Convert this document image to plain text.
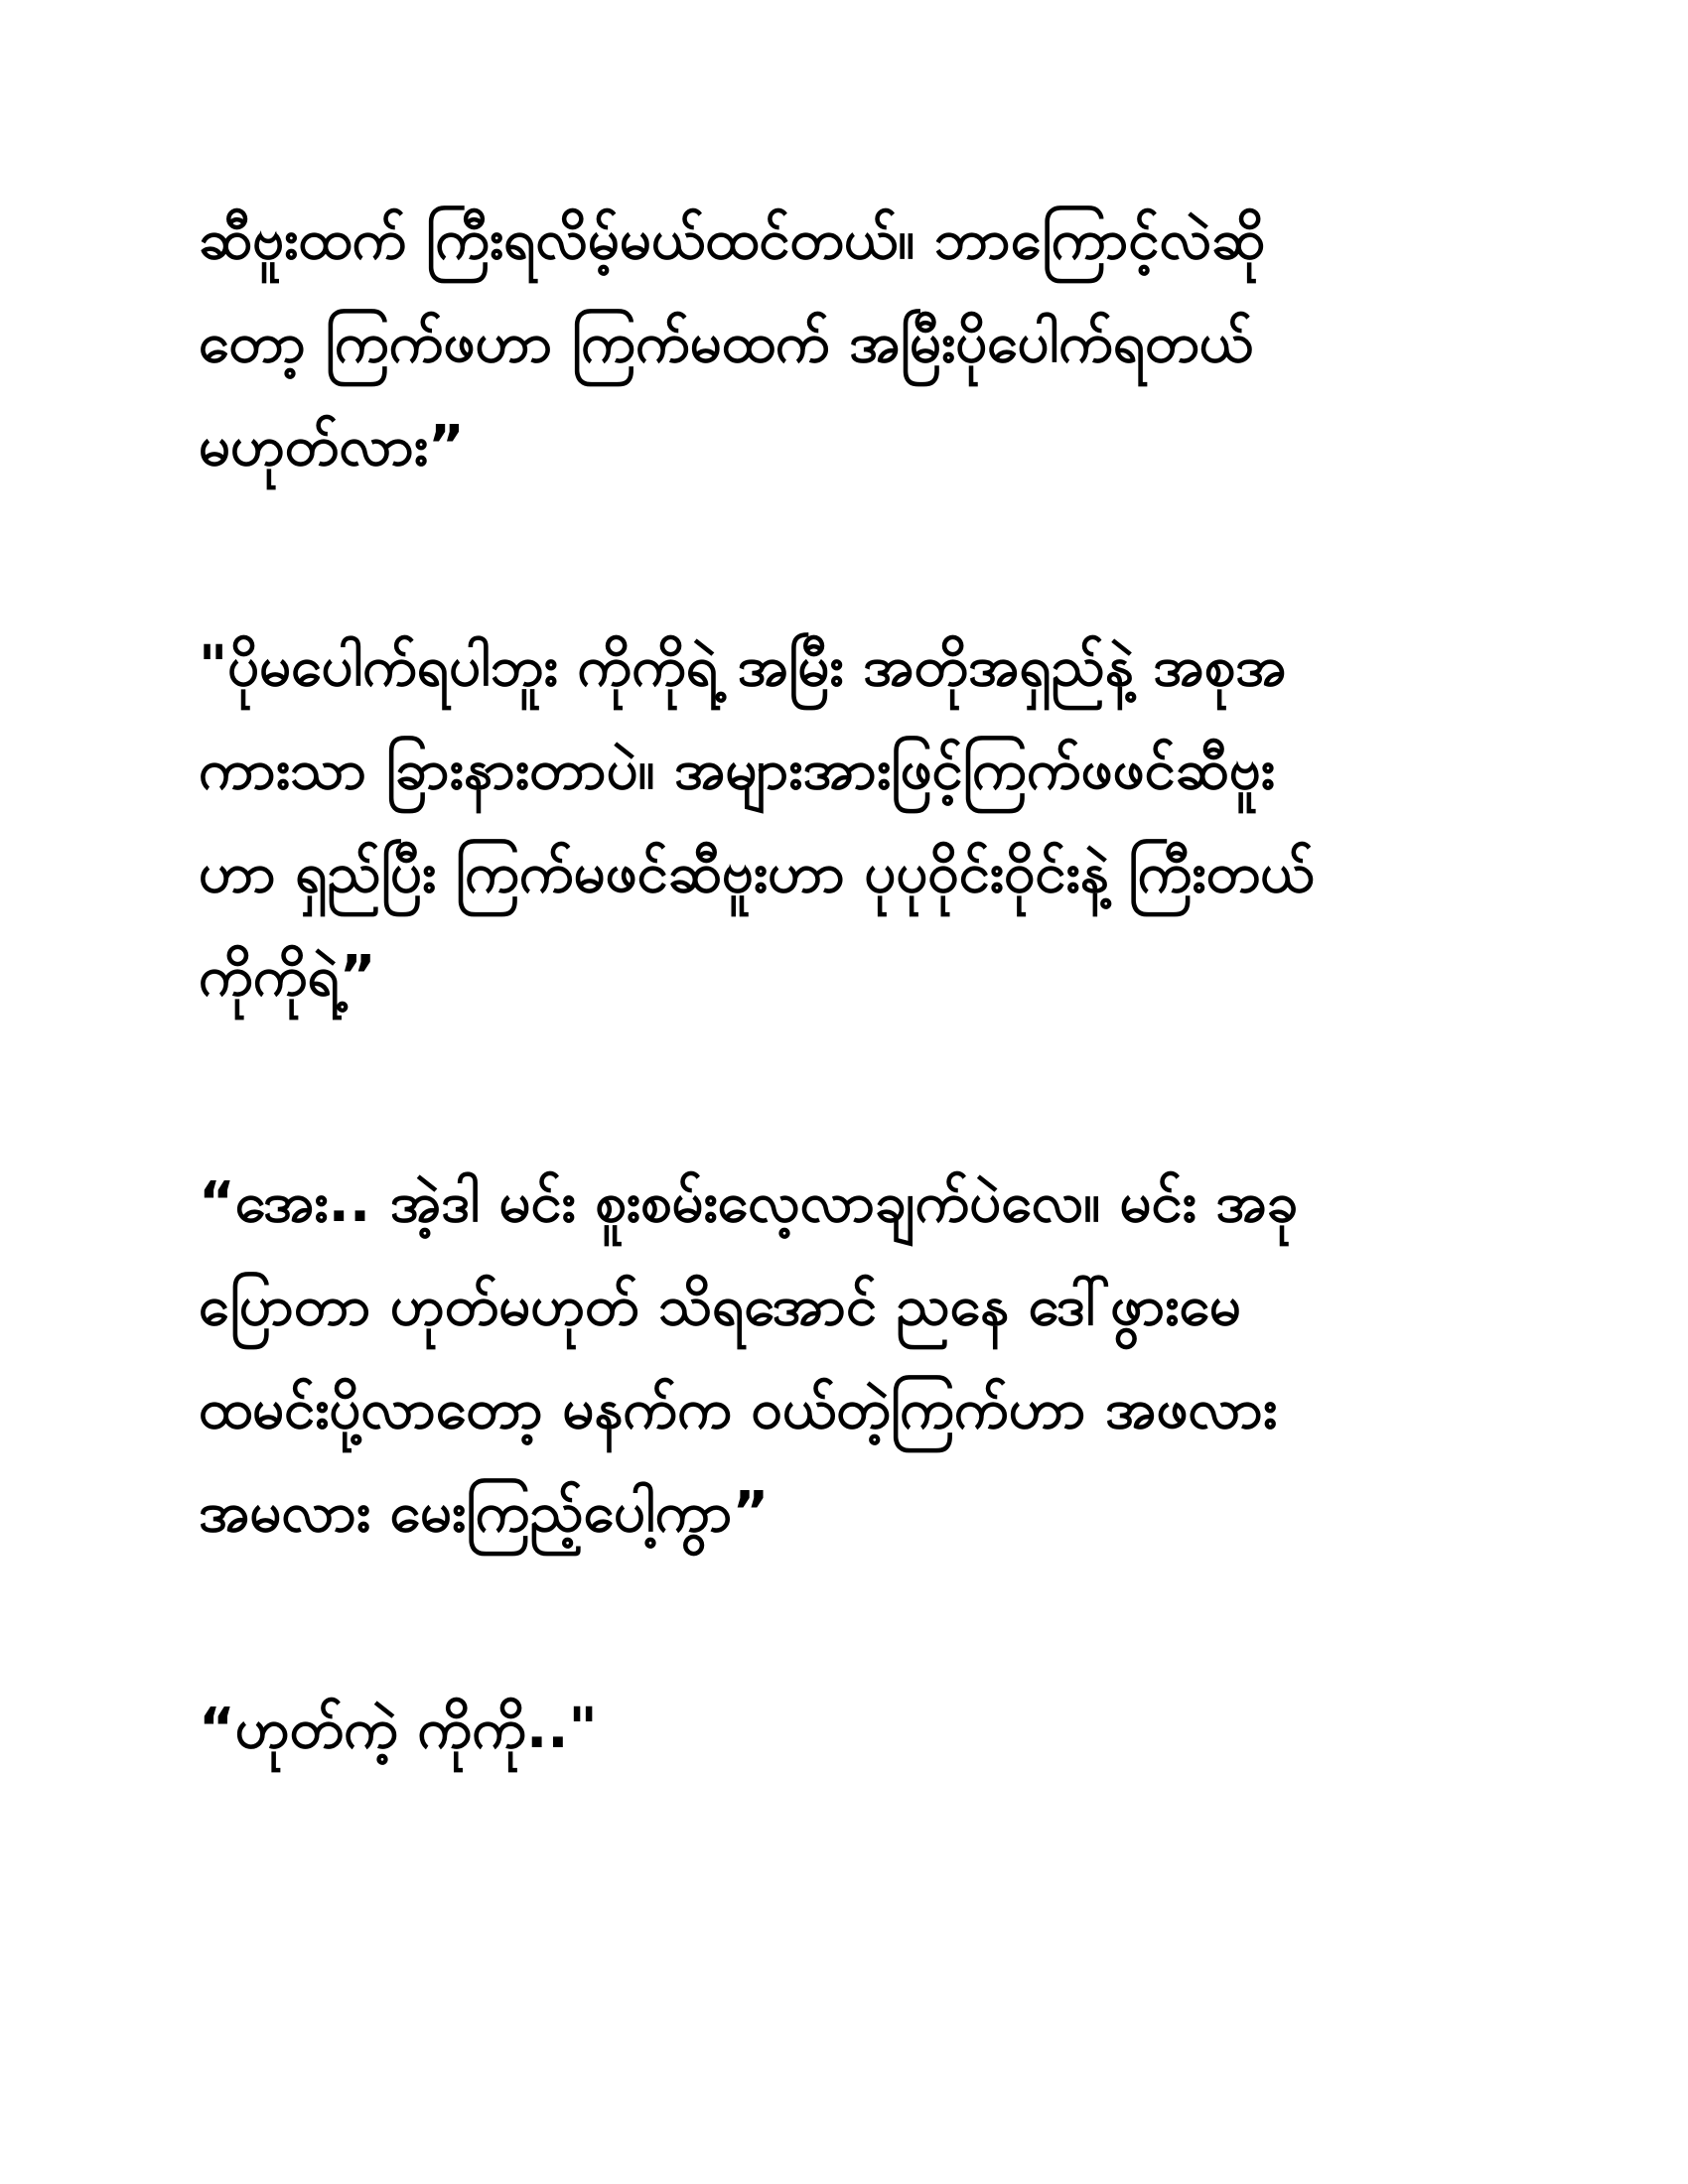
ဆီဗူးထက် ကြီးရလိမ့်မယ်ထင်တယ်။ ဘာကြောင့်လဲဆို
တော့ ကြက်ဖဟာ ကြက်မထက် အမြီးပိုပေါက်ရတယ်
မဟုတ်လား”
"ပိုမပေါက်ရပါဘူး ကိုကိုရဲ့ အမြီး အတိုအရှည်နဲ့ အစုအ
ကားသာ ခြားနားတာပဲ။ အများအားဖြင့်ကြက်ဖဖင်ဆီဗူး
ဟာ ရှည်ပြီး ကြက်မဖင်ဆီဗူးဟာ ပုပုဝိုင်းဝိုင်းနဲ့ ကြီးတယ်
ကိုကိုရဲ့”
“အေး.. အဲ့ဒါ မင်း စူးစမ်းလေ့လာချက်ပဲလေ။ မင်း အခု
ပြောတာ ဟုတ်မဟုတ် သိရအောင် ညနေ ဒေါ်ဖွားမေ
ထမင်းပို့လာတော့ မနက်က ဝယ်တဲ့ကြက်ဟာ အဖလား
အမလား မေးကြည့်ပေါ့ကွာ”
“ဟုတ်ကဲ့ ကိုကို.."
